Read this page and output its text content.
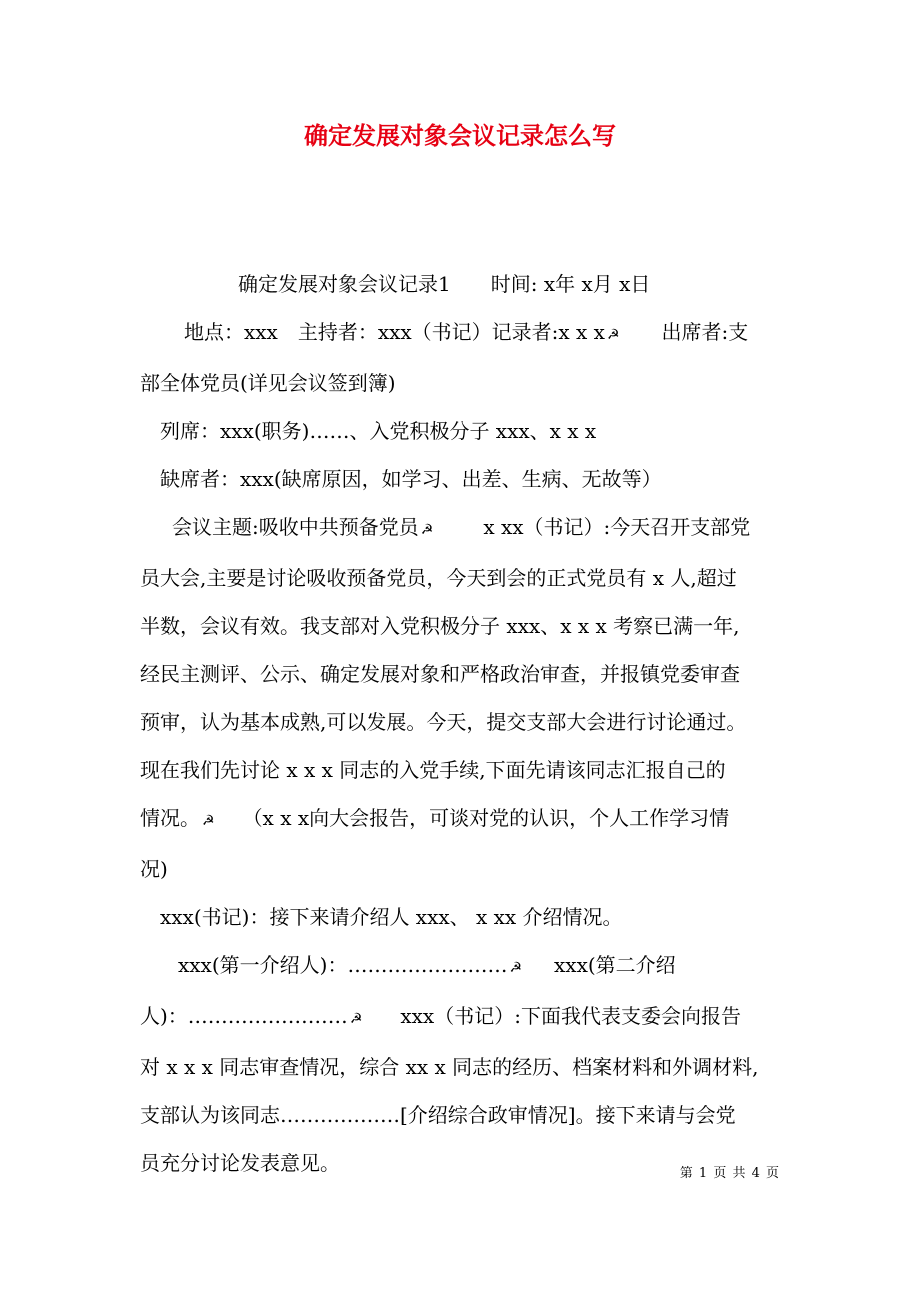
确定发展对象会议记录怎么写

确定发展对象会议记录1 时间: x年 x月 x日

地点：xxx　主持者：xxx（书记）记录者:x x x ☭ 出席者:支

部全体党员(详见会议签到簿)

列席：xxx(职务)……、入党积极分子 xxx、x x x

缺席者：xxx(缺席原因，如学习、出差、生病、无故等）

会议主题:吸收中共预备党员 ☭	x xx（书记）:今天召开支部党

员大会,主要是讨论吸收预备党员，今天到会的正式党员有 x 人,超过

半数，会议有效。我支部对入党积极分子 xxx、x x x 考察已满一年,

经民主测评、公示、确定发展对象和严格政治审查，并报镇党委审查

预审，认为基本成熟,可以发展。今天，提交支部大会进行讨论通过。

现在我们先讨论 x x x 同志的入党手续,下面先请该同志汇报自己的

情况。 ☭ （x x x向大会报告，可谈对党的认识，个人工作学习情

况)

xxx(书记)：接下来请介绍人 xxx、 x xx 介绍情况。

xxx(第一介绍人)：…………………… ☭ xxx(第二介绍

人)：…………………… ☭ xxx（书记）:下面我代表支委会向报告

对 x x x 同志审查情况，综合 xx x 同志的经历、档案材料和外调材料,

支部认为该同志………………[介绍综合政审情况]。接下来请与会党

员充分讨论发表意见。	第 1 页 共 4 页
